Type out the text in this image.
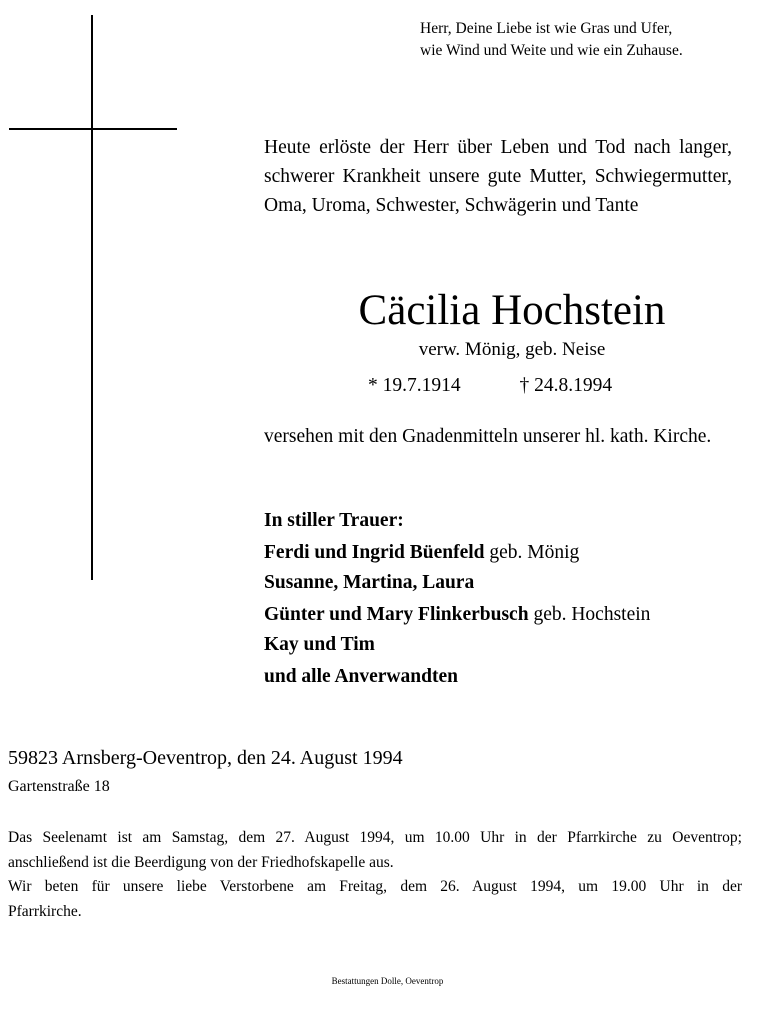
Herr, Deine Liebe ist wie Gras und Ufer,
wie Wind und Weite und wie ein Zuhause.
Heute erlöste der Herr über Leben und Tod nach langer, schwerer Krankheit unsere gute Mutter, Schwiegermutter, Oma, Uroma, Schwester, Schwägerin und Tante
Cäcilia Hochstein
verw. Mönig, geb. Neise
* 19.7.1914	† 24.8.1994
versehen mit den Gnadenmitteln unserer hl. kath. Kirche.

In stiller Trauer:

Ferdi und Ingrid Büenfeld geb. Mönig

Susanne, Martina, Laura

Günter und Mary Flinkerbusch geb. Hochstein

Kay und Tim

und alle Anverwandten

59823 Arnsberg-Oeventrop, den 24. August 1994
Gartenstraße 18

Das Seelenamt ist am Samstag, dem 27. August 1994, um 10.00 Uhr in der Pfarrkirche zu Oeventrop;

anschließend ist die Beerdigung von der Friedhofskapelle aus.

Wir beten für unsere liebe Verstorbene am Freitag, dem 26. August 1994, um 19.00 Uhr in der

Pfarrkirche.

Bestattungen Dolle, Oeventrop
